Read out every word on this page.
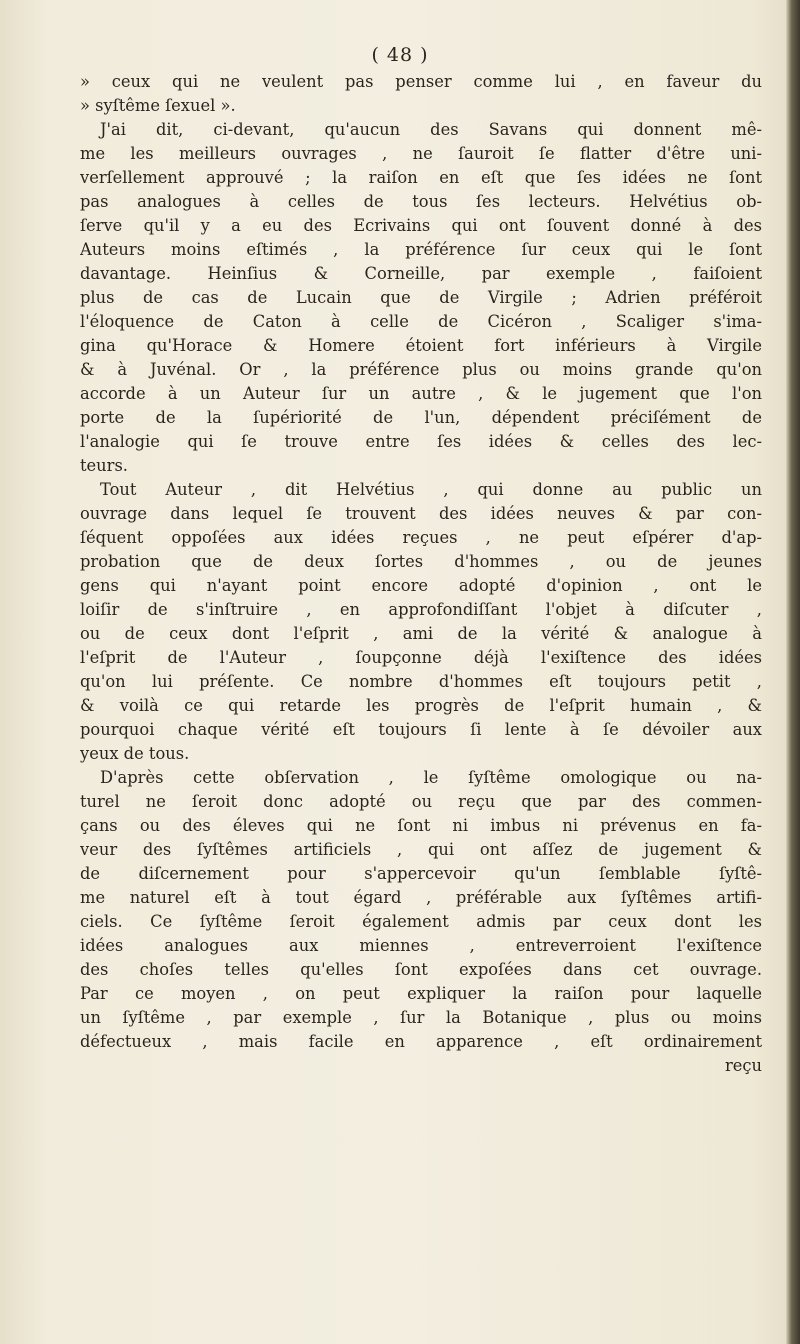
( 48 )
» ceux qui ne veulent pas penser comme lui , en faveur du
» syſtême ſexuel ».
J'ai dit, ci-devant, qu'aucun des Savans qui donnent mê-
me les meilleurs ouvrages , ne ſauroit ſe flatter d'être uni-
verſellement approuvé ; la raiſon en eſt que ſes idées ne ſont
pas analogues à celles de tous ſes lecteurs. Helvétius ob-
ſerve qu'il y a eu des Ecrivains qui ont ſouvent donné à des
Auteurs moins eſtimés , la préférence ſur ceux qui le ſont
davantage. Heinſius & Corneille, par exemple , faiſoient
plus de cas de Lucain que de Virgile ; Adrien préféroit
l'éloquence de Caton à celle de Cicéron , Scaliger s'ima-
gina qu'Horace & Homere étoient fort inférieurs à Virgile
& à Juvénal. Or , la préférence plus ou moins grande qu'on
accorde à un Auteur ſur un autre , & le jugement que l'on
porte de la ſupériorité de l'un, dépendent préciſément de
l'analogie qui ſe trouve entre ſes idées & celles des lec-
teurs.
Tout Auteur , dit Helvétius , qui donne au public un
ouvrage dans lequel ſe trouvent des idées neuves & par con-
ſéquent oppoſées aux idées reçues , ne peut eſpérer d'ap-
probation que de deux ſortes d'hommes , ou de jeunes
gens qui n'ayant point encore adopté d'opinion , ont le
loiſir de s'inſtruire , en approfondiſſant l'objet à diſcuter ,
ou de ceux dont l'eſprit , ami de la vérité & analogue à
l'eſprit de l'Auteur , ſoupçonne déjà l'exiſtence des idées
qu'on lui préſente. Ce nombre d'hommes eſt toujours petit ,
& voilà ce qui retarde les progrès de l'eſprit humain , &
pourquoi chaque vérité eſt toujours ſi lente à ſe dévoiler aux
yeux de tous.
D'après cette obſervation , le ſyſtême omologique ou na-
turel ne ſeroit donc adopté ou reçu que par des commen-
çans ou des éleves qui ne ſont ni imbus ni prévenus en fa-
veur des ſyſtêmes artificiels , qui ont aſſez de jugement &
de diſcernement pour s'appercevoir qu'un ſemblable ſyſtê-
me naturel eſt à tout égard , préférable aux ſyſtêmes artifi-
ciels. Ce ſyſtême ſeroit également admis par ceux dont les
idées analogues aux miennes , entreverroient l'exiſtence
des choſes telles qu'elles ſont expoſées dans cet ouvrage.
Par ce moyen , on peut expliquer la raiſon pour laquelle
un ſyſtême , par exemple , ſur la Botanique , plus ou moins
défectueux , mais facile en apparence , eſt ordinairement
reçu
